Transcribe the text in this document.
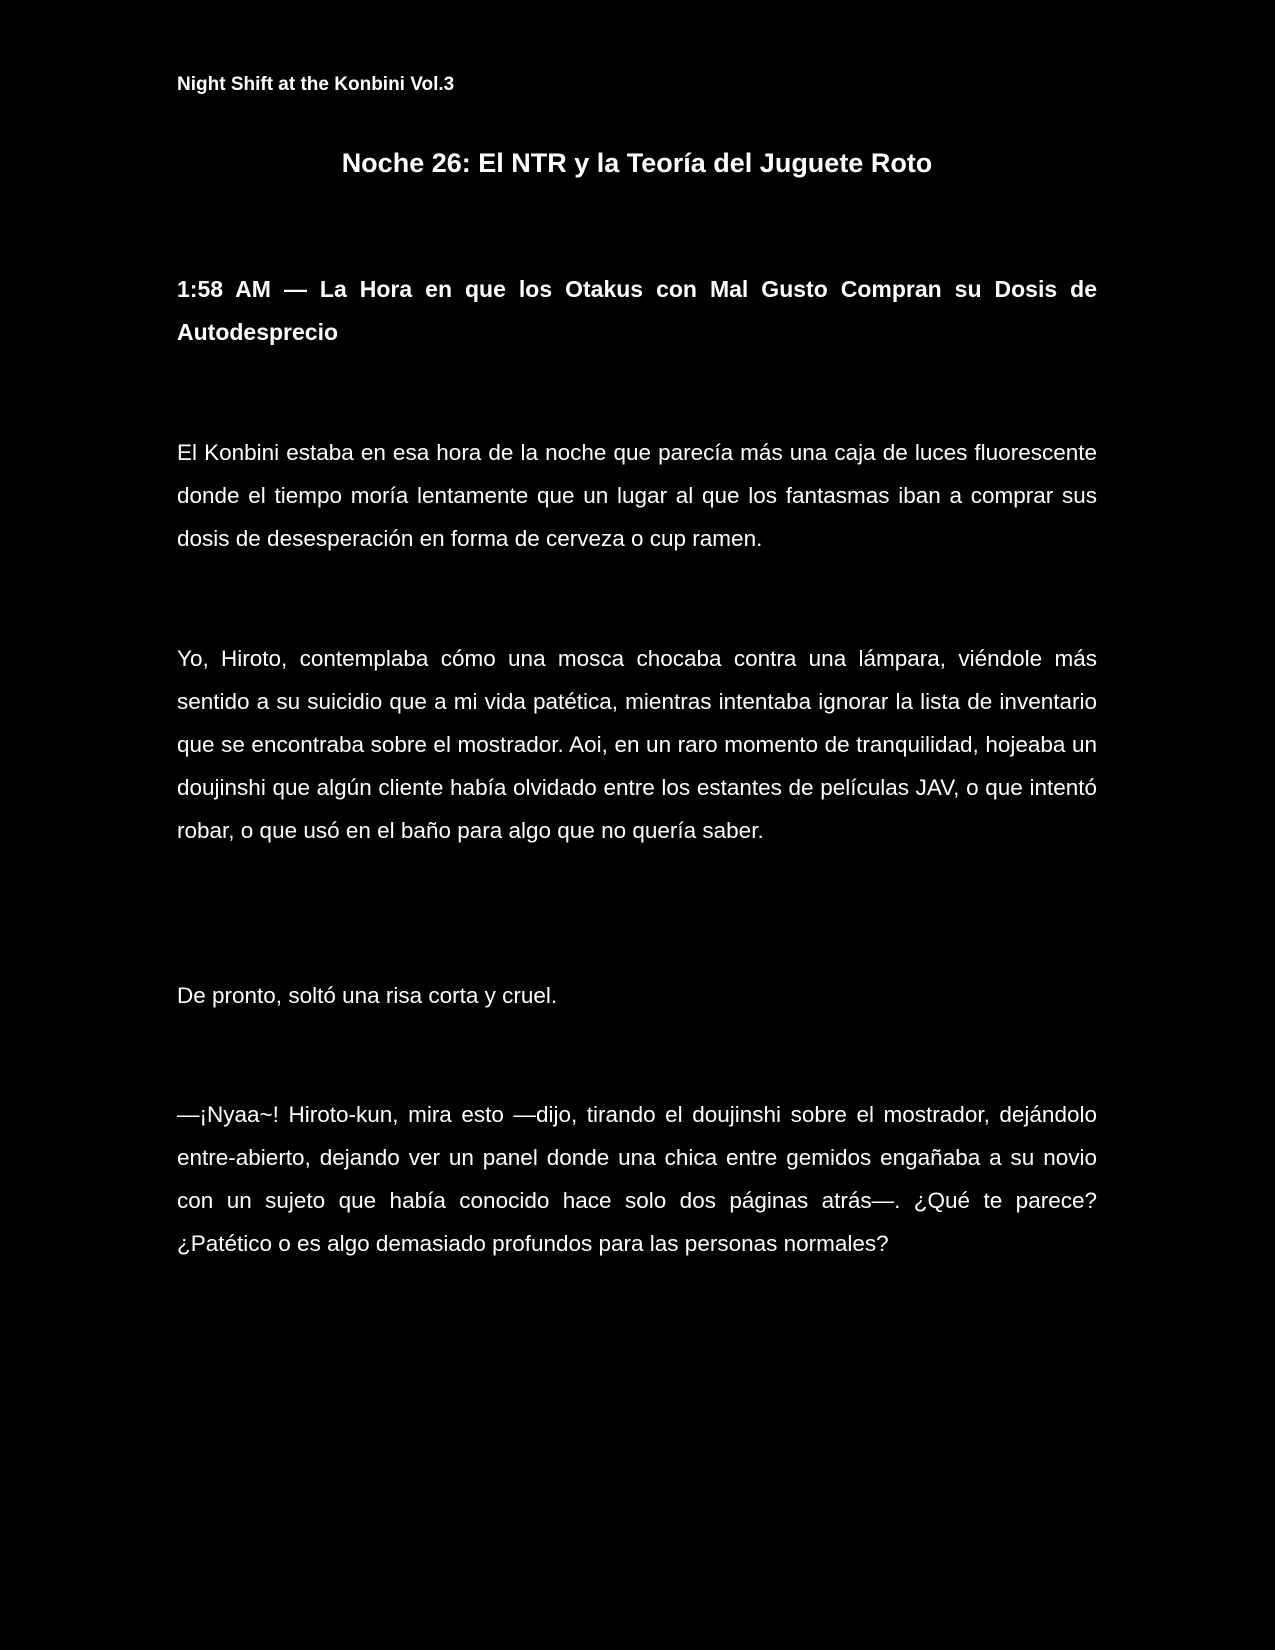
Night Shift at the Konbini Vol.3

Noche 26: El NTR y la Teoría del Juguete Roto
1:58 AM — La Hora en que los Otakus con Mal Gusto Compran su Dosis de Autodesprecio

El Konbini estaba en esa hora de la noche que parecía más una caja de luces fluorescente donde el tiempo moría lentamente que un lugar al que los fantasmas iban a comprar sus dosis de desesperación en forma de cerveza o cup ramen.

Yo, Hiroto, contemplaba cómo una mosca chocaba contra una lámpara, viéndole más sentido a su suicidio que a mi vida patética, mientras intentaba ignorar la lista de inventario que se encontraba sobre el mostrador. Aoi, en un raro momento de tranquilidad, hojeaba un doujinshi que algún cliente había olvidado entre los estantes de películas JAV, o que intentó robar, o que usó en el baño para algo que no quería saber.

De pronto, soltó una risa corta y cruel.

—¡Nyaa~! Hiroto-kun, mira esto —dijo, tirando el doujinshi sobre el mostrador, dejándolo entre-abierto, dejando ver un panel donde una chica entre gemidos engañaba a su novio con un sujeto que había conocido hace solo dos páginas atrás—. ¿Qué te parece? ¿Patético o es algo demasiado profundos para las personas normales?
